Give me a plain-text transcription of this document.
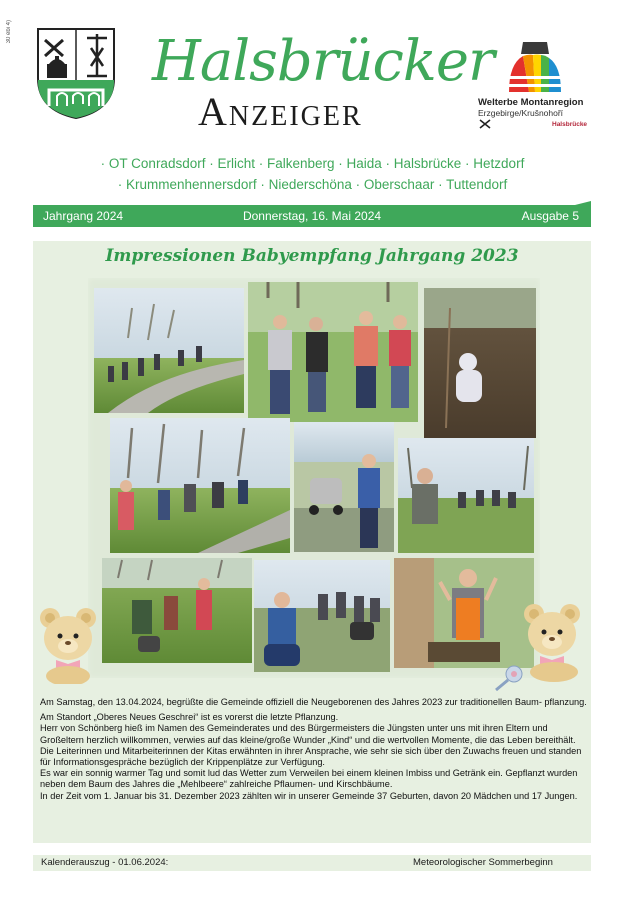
30 ebi 4)	Halsbrücker
Anzeiger	Welterbe Montanregion
Erzgebirge/Krušnohoří
Halsbrücke
· OT Conradsdorf · Erlicht · Falkenberg · Haida · Halsbrücke · Hetzdorf
· Krummenhennersdorf · Niederschöna · Oberschaar · Tuttendorf
Jahrgang 2024	Donnerstag, 16. Mai 2024	Ausgabe 5
Impressionen Babyempfang Jahrgang 2023

Am Samstag, den 13.04.2024, begrüßte die Gemeinde offiziell die Neugeborenen des Jahres 2023 zur traditionellen Baum- pflanzung.

Am Standort „Oberes Neues Geschrei“ ist es vorerst die letzte Pflanzung.

Herr von Schönberg hieß im Namen des Gemeinderates und des Bürgermeisters die Jüngsten unter uns mit ihren Eltern und Großeltern herzlich willkommen, verwies auf das kleine/große Wunder „Kind“ und die wertvollen Momente, die das Leben bereithält.

Die Leiterinnen und Mitarbeiterinnen der Kitas erwähnten in ihrer Ansprache, wie sehr sie sich über den Zuwachs freuen und standen für Informationsgespräche bezüglich der Krippenplätze zur Verfügung.

Es war ein sonnig warmer Tag und somit lud das Wetter zum Verweilen bei einem kleinen Imbiss und Getränk ein. Gepflanzt wurden neben dem Baum des Jahres die „Mehlbeere“ zahlreiche Pflaumen- und Kirschbäume.

In der Zeit vom 1. Januar bis 31. Dezember 2023 zählten wir in unserer Gemeinde 37 Geburten, davon 20 Mädchen und 17 Jungen.

Kalenderauszug - 01.06.2024:	Meteorologischer Sommerbeginn
